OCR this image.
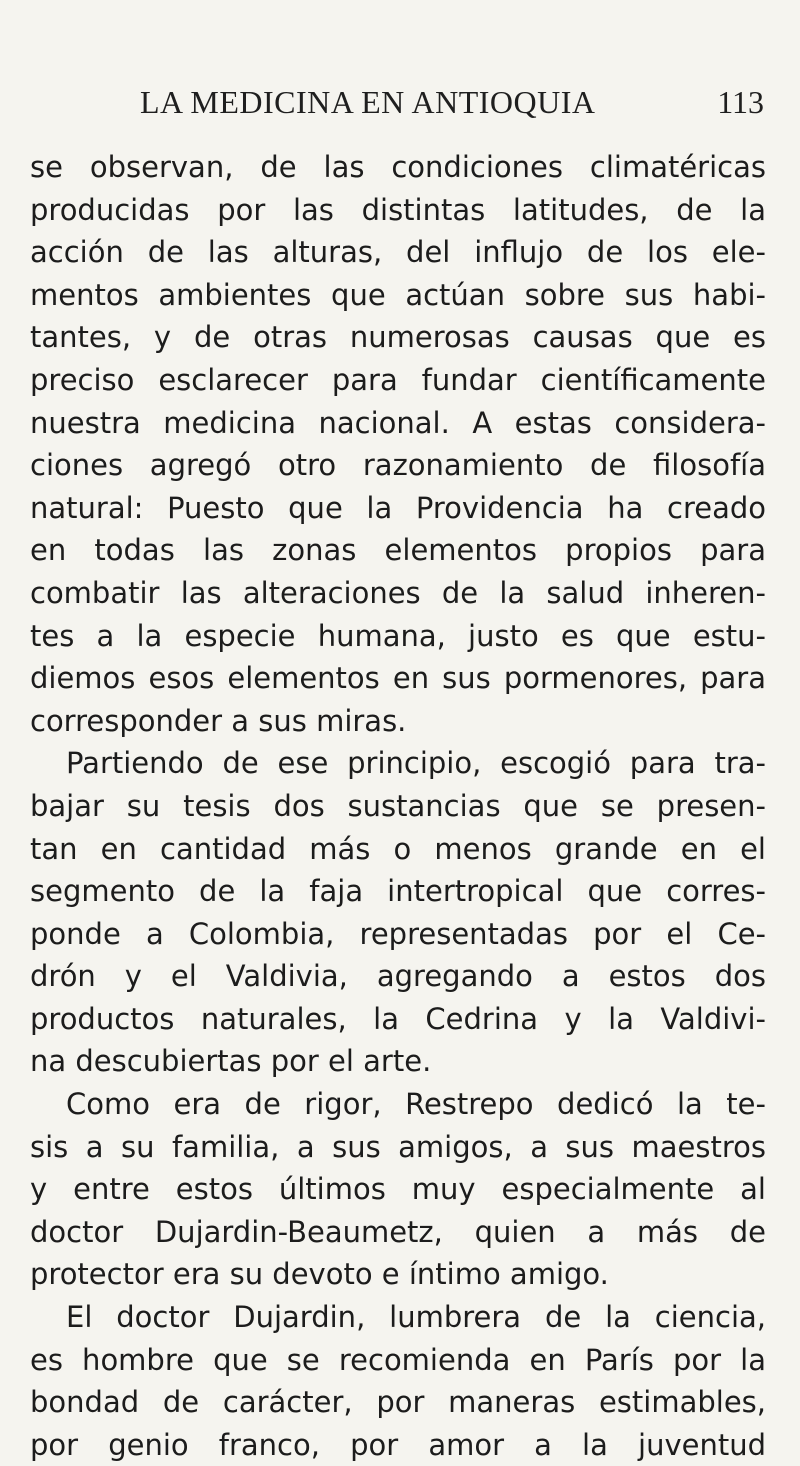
LA MEDICINA EN ANTIOQUIA	113
se observan, de las condiciones climatéricas
producidas por las distintas latitudes, de la
acción de las alturas, del influjo de los ele-
mentos ambientes que actúan sobre sus habi-
tantes, y de otras numerosas causas que es
preciso esclarecer para fundar científicamente
nuestra medicina nacional. A estas considera-
ciones agregó otro razonamiento de filosofía
natural: Puesto que la Providencia ha creado
en todas las zonas elementos propios para
combatir las alteraciones de la salud inheren-
tes a la especie humana, justo es que estu-
diemos esos elementos en sus pormenores, para
corresponder a sus miras.
Partiendo de ese principio, escogió para tra-
bajar su tesis dos sustancias que se presen-
tan en cantidad más o menos grande en el
segmento de la faja intertropical que corres-
ponde a Colombia, representadas por el Ce-
drón y el Valdivia, agregando a estos dos
productos naturales, la Cedrina y la Valdivi-
na descubiertas por el arte.
Como era de rigor, Restrepo dedicó la te-
sis a su familia, a sus amigos, a sus maestros
y entre estos últimos muy especialmente al
doctor Dujardin-Beaumetz, quien a más de
protector era su devoto e íntimo amigo.
El doctor Dujardin, lumbrera de la ciencia,
es hombre que se recomienda en París por la
bondad de carácter, por maneras estimables,
por genio franco, por amor a la juventud
